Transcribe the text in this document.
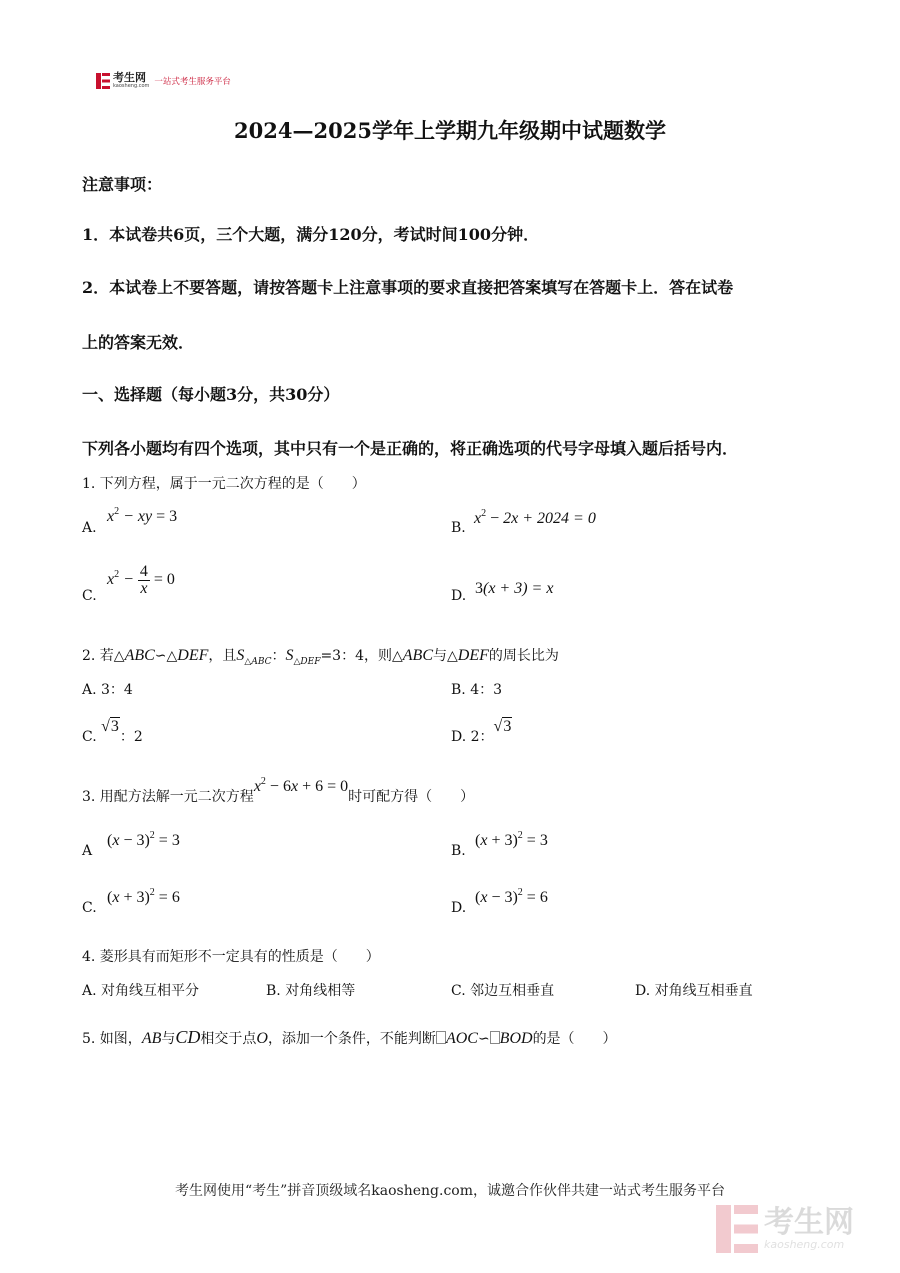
考生网
kaosheng.com 一站式考生服务平台
2024—2025学年上学期九年级期中试题数学
注意事项：
1．本试卷共6页，三个大题，满分120分，考试时间100分钟．
2．本试卷上不要答题，请按答题卡上注意事项的要求直接把答案填写在答题卡上．答在试卷
上的答案无效．
一、选择题（每小题3分，共30分）
下列各小题均有四个选项，其中只有一个是正确的，将正确选项的代号字母填入题后括号内．
1. 下列方程，属于一元二次方程的是（　　）
A.
$x^2$ − xy = 3
B.
$x^2 - 2x + 2024 = 0$
C.
$x^2 - \frac{4}{x} = 0$
D. 3(x + 3) = x
2. 若△ABC∽△DEF，且$S_{\triangle ABC}$：$S_{\triangle DEF}=3$：4，则△ABC与△DEF的周长比为
A. 3：4	B. 4：3
C. √3：2	D. 2：√3
3. 用配方法解一元二次方程$x^2 - 6x + 6 = 0$时可配方得（　　）
A
$(x - 3)^2 = 3$
B.
$(x + 3)^2 = 3$
C.
$(x + 3)^2 = 6$
D.
$(x - 3)^2 = 6$
4. 菱形具有而矩形不一定具有的性质是（　　）
A. 对角线互相平分	B. 对角线相等	C. 邻边互相垂直	D. 对角线互相垂直
5. 如图，AB与CD相交于点O，添加一个条件，不能判断 AOC∽ BOD的是（　　）
考生网使用“考生”拼音顶级域名kaosheng.com，诚邀合作伙伴共建一站式考生服务平台
考生网
kaosheng.com
